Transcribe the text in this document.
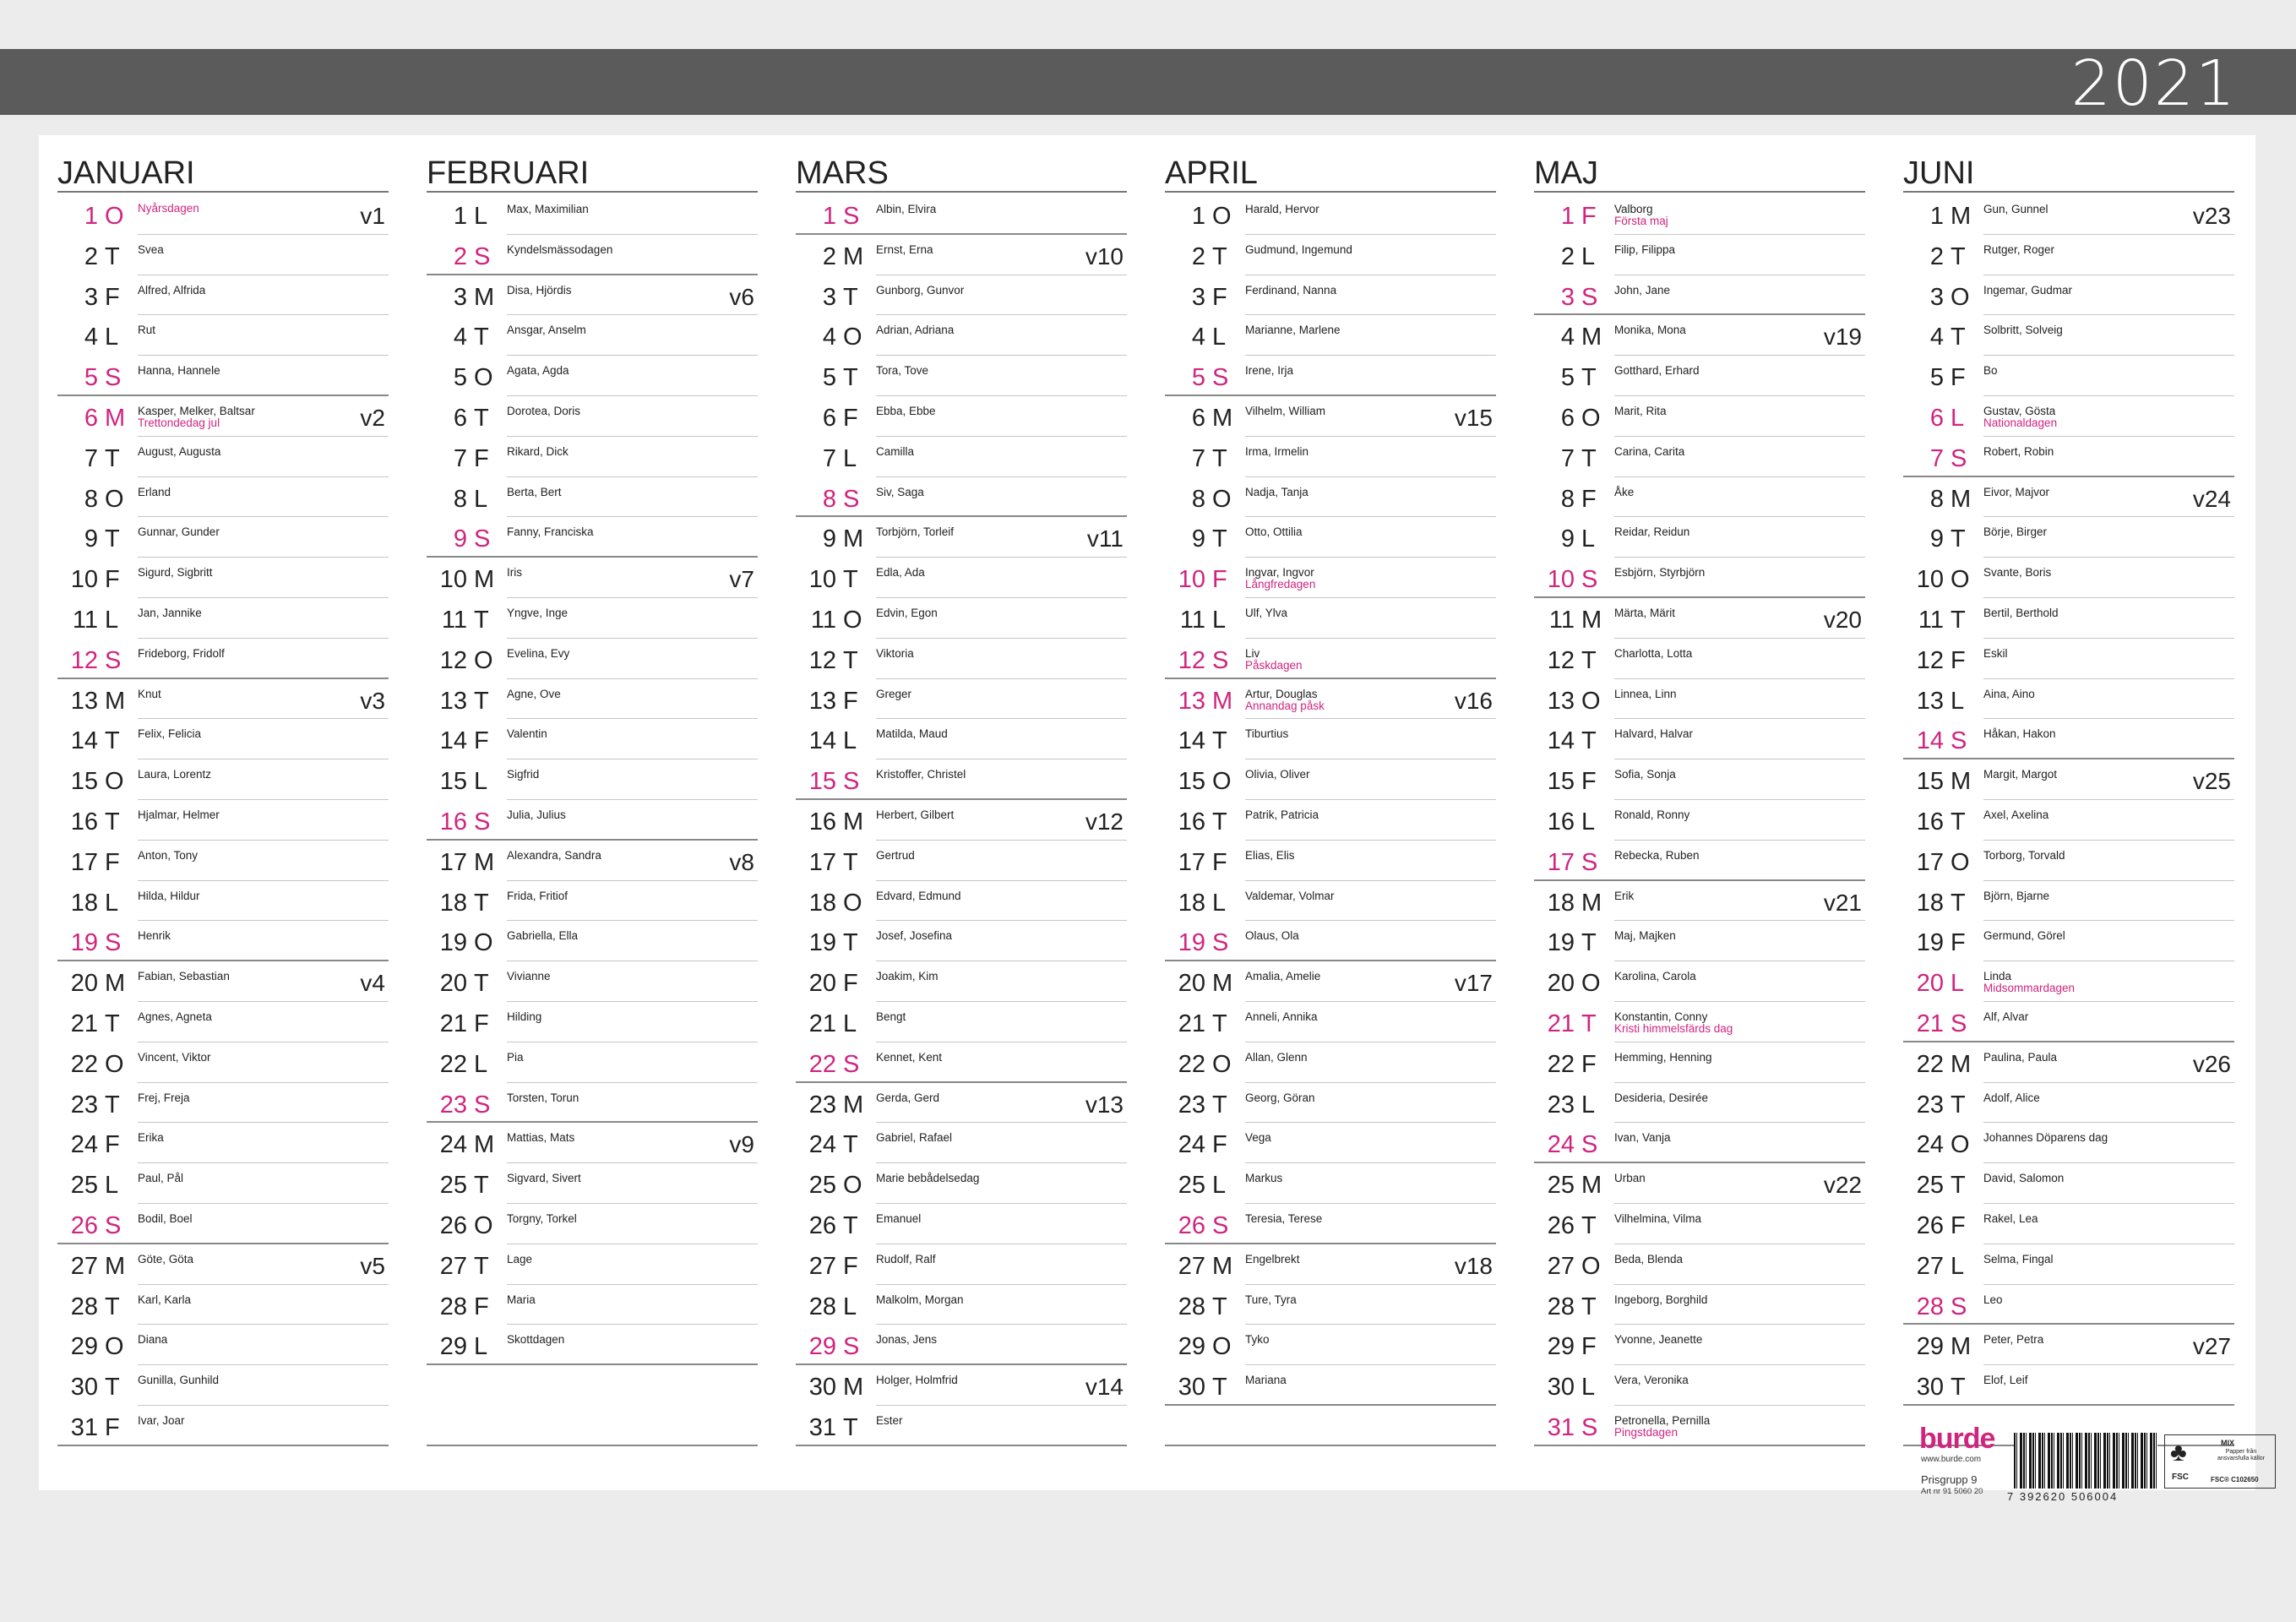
2021
JANUARI
1 O Nyårsdagen	v1
2 T Svea
3 F Alfred, Alfrida
4 L Rut
5 S Hanna, Hannele
6 M Kasper, Melker, Baltsar
Trettondedag jul	v2
7 T August, Augusta
8 O Erland
9 T Gunnar, Gunder
10 F Sigurd, Sigbritt
11 L Jan, Jannike
12 S Frideborg, Fridolf
13 M Knut	v3
14 T Felix, Felicia
15 O Laura, Lorentz
16 T Hjalmar, Helmer
17 F Anton, Tony
18 L Hilda, Hildur
19 S Henrik
20 M Fabian, Sebastian	v4
21 T Agnes, Agneta
22 O Vincent, Viktor
23 T Frej, Freja
24 F Erika
25 L Paul, Pål
26 S Bodil, Boel
27 M Göte, Göta	v5
28 T Karl, Karla
29 O Diana
30 T Gunilla, Gunhild
31 F Ivar, Joar
FEBRUARI
1 L Max, Maximilian
2 S Kyndelsmässodagen
3 M Disa, Hjördis	v6
4 T Ansgar, Anselm
5 O Agata, Agda
6 T Dorotea, Doris
7 F Rikard, Dick
8 L Berta, Bert
9 S Fanny, Franciska
10 M Iris	v7
11 T Yngve, Inge
12 O Evelina, Evy
13 T Agne, Ove
14 F Valentin
15 L Sigfrid
16 S Julia, Julius
17 M Alexandra, Sandra	v8
18 T Frida, Fritiof
19 O Gabriella, Ella
20 T Vivianne
21 F Hilding
22 L Pia
23 S Torsten, Torun
24 M Mattias, Mats	v9
25 T Sigvard, Sivert
26 O Torgny, Torkel
27 T Lage
28 F Maria
29 L Skottdagen
MARS
1 S Albin, Elvira
2 M Ernst, Erna	v10
3 T Gunborg, Gunvor
4 O Adrian, Adriana
5 T Tora, Tove
6 F Ebba, Ebbe
7 L Camilla
8 S Siv, Saga
9 M Torbjörn, Torleif	v11
10 T Edla, Ada
11 O Edvin, Egon
12 T Viktoria
13 F Greger
14 L Matilda, Maud
15 S Kristoffer, Christel
16 M Herbert, Gilbert	v12
17 T Gertrud
18 O Edvard, Edmund
19 T Josef, Josefina
20 F Joakim, Kim
21 L Bengt
22 S Kennet, Kent
23 M Gerda, Gerd	v13
24 T Gabriel, Rafael
25 O Marie bebådelsedag
26 T Emanuel
27 F Rudolf, Ralf
28 L Malkolm, Morgan
29 S Jonas, Jens
30 M Holger, Holmfrid	v14
31 T Ester
APRIL
1 O Harald, Hervor
2 T Gudmund, Ingemund
3 F Ferdinand, Nanna
4 L Marianne, Marlene
5 S Irene, Irja
6 M Vilhelm, William	v15
7 T Irma, Irmelin
8 O Nadja, Tanja
9 T Otto, Ottilia
10 F Ingvar, Ingvor
Långfredagen
11 L Ulf, Ylva
12 S Liv
Påskdagen
13 M Artur, Douglas
Annandag påsk	v16
14 T Tiburtius
15 O Olivia, Oliver
16 T Patrik, Patricia
17 F Elias, Elis
18 L Valdemar, Volmar
19 S Olaus, Ola
20 M Amalia, Amelie	v17
21 T Anneli, Annika
22 O Allan, Glenn
23 T Georg, Göran
24 F Vega
25 L Markus
26 S Teresia, Terese
27 M Engelbrekt	v18
28 T Ture, Tyra
29 O Tyko
30 T Mariana
MAJ
1 F Valborg
Första maj
2 L Filip, Filippa
3 S John, Jane
4 M Monika, Mona	v19
5 T Gotthard, Erhard
6 O Marit, Rita
7 T Carina, Carita
8 F Åke
9 L Reidar, Reidun
10 S Esbjörn, Styrbjörn
11 M Märta, Märit	v20
12 T Charlotta, Lotta
13 O Linnea, Linn
14 T Halvard, Halvar
15 F Sofia, Sonja
16 L Ronald, Ronny
17 S Rebecka, Ruben
18 M Erik	v21
19 T Maj, Majken
20 O Karolina, Carola
21 T Konstantin, Conny
Kristi himmelsfärds dag
22 F Hemming, Henning
23 L Desideria, Desirée
24 S Ivan, Vanja
25 M Urban	v22
26 T Vilhelmina, Vilma
27 O Beda, Blenda
28 T Ingeborg, Borghild
29 F Yvonne, Jeanette
30 L Vera, Veronika
31 S Petronella, Pernilla
Pingstdagen
JUNI
1 M Gun, Gunnel	v23
2 T Rutger, Roger
3 O Ingemar, Gudmar
4 T Solbritt, Solveig
5 F Bo
6 L Gustav, Gösta
Nationaldagen
7 S Robert, Robin
8 M Eivor, Majvor	v24
9 T Börje, Birger
10 O Svante, Boris
11 T Bertil, Berthold
12 F Eskil
13 L Aina, Aino
14 S Håkan, Hakon
15 M Margit, Margot	v25
16 T Axel, Axelina
17 O Torborg, Torvald
18 T Björn, Bjarne
19 F Germund, Görel
20 L Linda
Midsommardagen
21 S Alf, Alvar
22 M Paulina, Paula	v26
23 T Adolf, Alice
24 O Johannes Döparens dag
25 T David, Salomon
26 F Rakel, Lea
27 L Selma, Fingal
28 S Leo
29 M Peter, Petra	v27
30 T Elof, Leif
burde
www.burde.com
Prisgrupp 9
Art nr 91 5060 20 7 392620 506004
♣
FSC
MIX
Papper från ansvarsfulla källor
FSC® C102650
